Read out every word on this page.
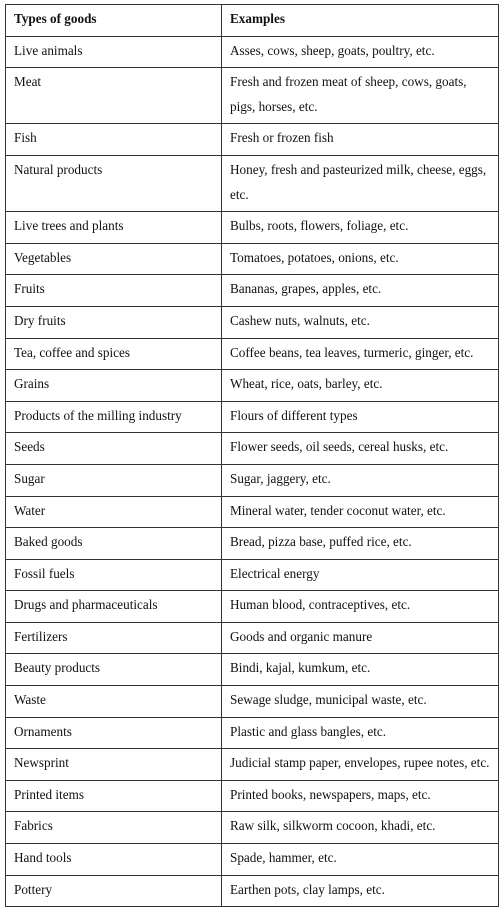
Types of goods	Examples
Live animals	Asses, cows, sheep, goats, poultry, etc.
Meat	Fresh and frozen meat of sheep, cows, goats, pigs, horses, etc.
Fish	Fresh or frozen fish
Natural products	Honey, fresh and pasteurized milk, cheese, eggs, etc.
Live trees and plants	Bulbs, roots, flowers, foliage, etc.
Vegetables	Tomatoes, potatoes, onions, etc.
Fruits	Bananas, grapes, apples, etc.
Dry fruits	Cashew nuts, walnuts, etc.
Tea, coffee and spices	Coffee beans, tea leaves, turmeric, ginger, etc.
Grains	Wheat, rice, oats, barley, etc.
Products of the milling industry	Flours of different types
Seeds	Flower seeds, oil seeds, cereal husks, etc.
Sugar	Sugar, jaggery, etc.
Water	Mineral water, tender coconut water, etc.
Baked goods	Bread, pizza base, puffed rice, etc.
Fossil fuels	Electrical energy
Drugs and pharmaceuticals	Human blood, contraceptives, etc.
Fertilizers	Goods and organic manure
Beauty products	Bindi, kajal, kumkum, etc.
Waste	Sewage sludge, municipal waste, etc.
Ornaments	Plastic and glass bangles, etc.
Newsprint	Judicial stamp paper, envelopes, rupee notes, etc.
Printed items	Printed books, newspapers, maps, etc.
Fabrics	Raw silk, silkworm cocoon, khadi, etc.
Hand tools	Spade, hammer, etc.
Pottery	Earthen pots, clay lamps, etc.
